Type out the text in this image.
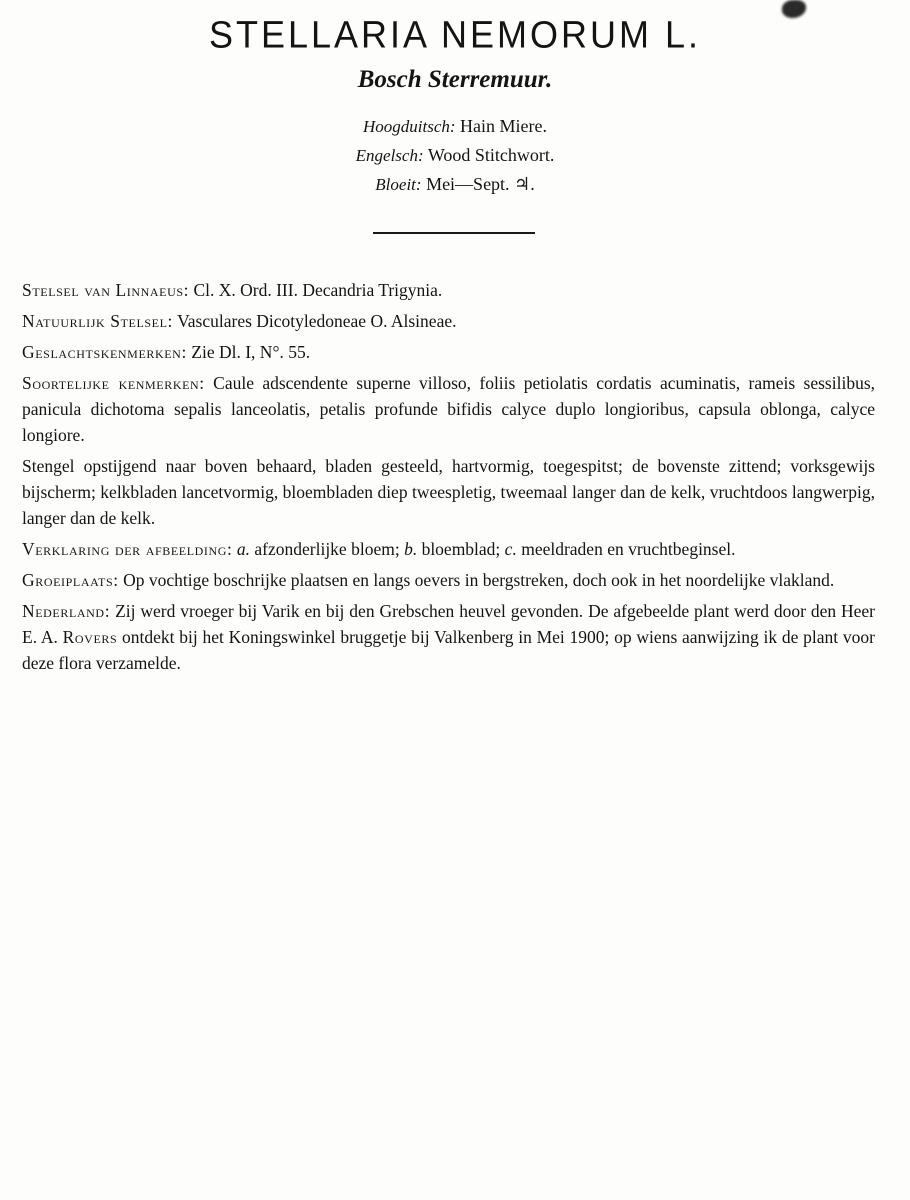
STELLARIA NEMORUM L.
Bosch Sterremuur.
Hoogduitsch: Hain Miere.
Engelsch: Wood Stitchwort.
Bloeit: Mei—Sept. ♃.

Stelsel van Linnaeus: Cl. X. Ord. III. Decandria Trigynia.

Natuurlijk Stelsel: Vasculares Dicotyledoneae O. Alsineae.

Geslachtskenmerken: Zie Dl. I, N°. 55.

Soortelijke kenmerken: Caule adscendente superne villoso, foliis petiolatis cordatis acuminatis, rameis sessilibus, panicula dichotoma sepalis lanceolatis, petalis profunde bifidis calyce duplo longioribus, capsula oblonga, calyce longiore.

Stengel opstijgend naar boven behaard, bladen gesteeld, hartvormig, toegespitst; de bovenste zittend; vorksgewijs bijscherm; kelkbladen lancetvormig, bloembladen diep tweespletig, tweemaal langer dan de kelk, vruchtdoos langwerpig, langer dan de kelk.

Verklaring der afbeelding: a. afzonderlijke bloem; b. bloemblad; c. meeldraden en vruchtbeginsel.

Groeiplaats: Op vochtige boschrijke plaatsen en langs oevers in bergstreken, doch ook in het noordelijke vlakland.

Nederland: Zij werd vroeger bij Varik en bij den Grebschen heuvel gevonden. De afgebeelde plant werd door den Heer E. A. Rovers ontdekt bij het Koningswinkel bruggetje bij Valkenberg in Mei 1900; op wiens aanwijzing ik de plant voor deze flora verzamelde.
